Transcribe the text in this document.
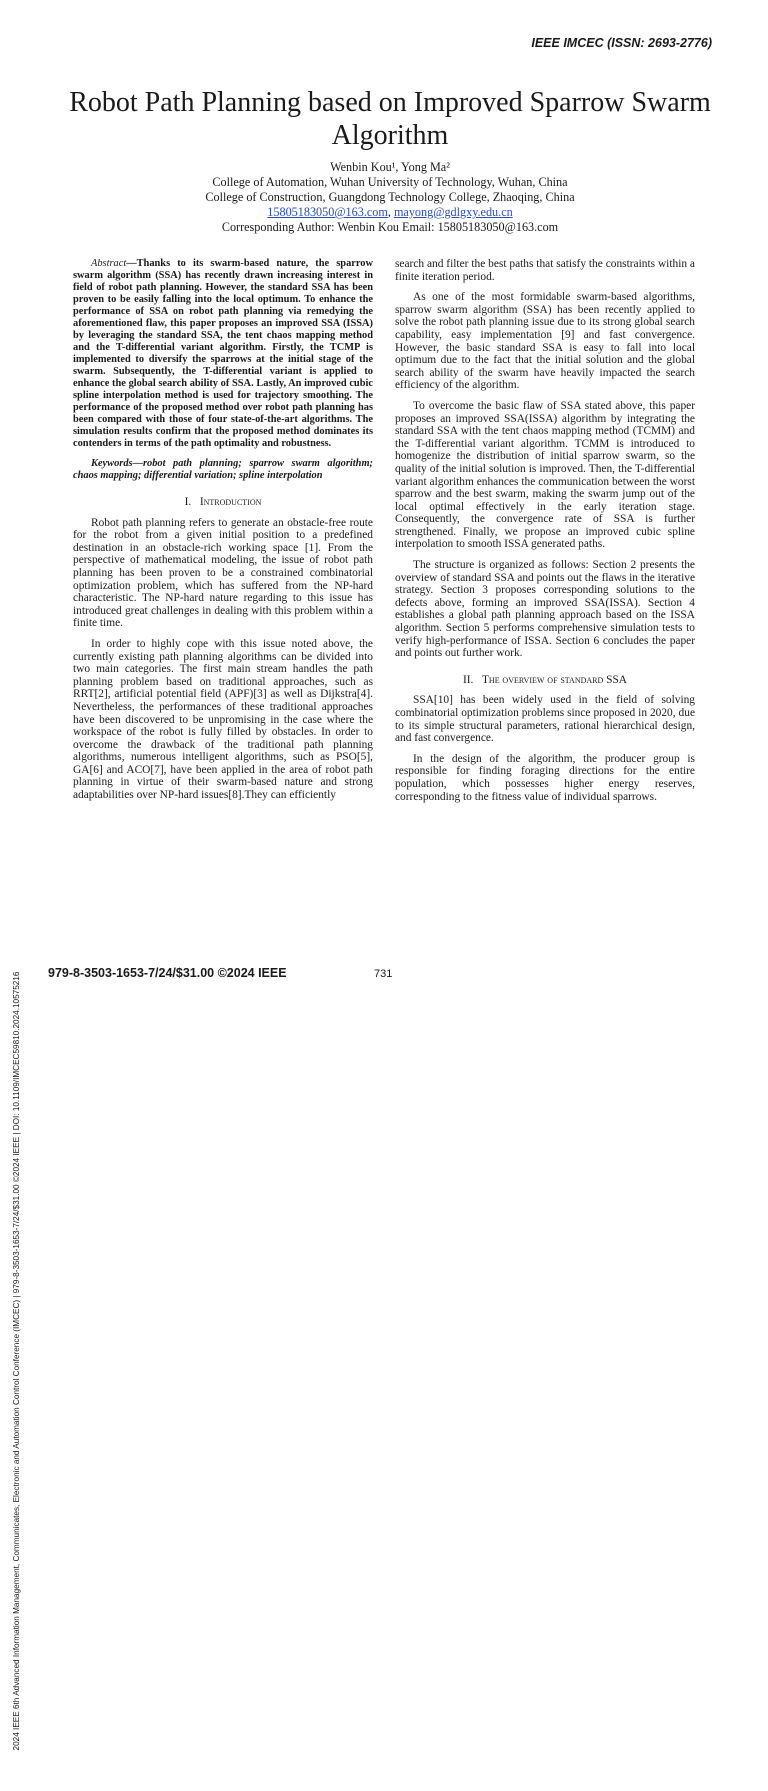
IEEE IMCEC (ISSN: 2693-2776)
2024 IEEE 6th Advanced Information Management, Communicates, Electronic and Automation Control Conference (IMCEC) | 979-8-3503-1653-7/24/$31.00 ©2024 IEEE | DOI: 10.1109/IMCEC59810.2024.10575216
Robot Path Planning based on Improved Sparrow Swarm Algorithm
Wenbin Kou¹, Yong Ma²
College of Automation, Wuhan University of Technology, Wuhan, China
College of Construction, Guangdong Technology College, Zhaoqing, China
15805183050@163.com, mayong@gdlgxy.edu.cn
Corresponding Author: Wenbin Kou Email: 15805183050@163.com

Abstract—Thanks to its swarm-based nature, the sparrow swarm algorithm (SSA) has recently drawn increasing interest in field of robot path planning. However, the standard SSA has been proven to be easily falling into the local optimum. To enhance the performance of SSA on robot path planning via remedying the aforementioned flaw, this paper proposes an improved SSA (ISSA) by leveraging the standard SSA, the tent chaos mapping method and the T-differential variant algorithm. Firstly, the TCMP is implemented to diversify the sparrows at the initial stage of the swarm. Subsequently, the T-differential variant is applied to enhance the global search ability of SSA. Lastly, An improved cubic spline interpolation method is used for trajectory smoothing. The performance of the proposed method over robot path planning has been compared with those of four state-of-the-art algorithms. The simulation results confirm that the proposed method dominates its contenders in terms of the path optimality and robustness.

Keywords—robot path planning; sparrow swarm algorithm; chaos mapping; differential variation; spline interpolation

I. Introduction

Robot path planning refers to generate an obstacle-free route for the robot from a given initial position to a predefined destination in an obstacle-rich working space [1]. From the perspective of mathematical modeling, the issue of robot path planning has been proven to be a constrained combinatorial optimization problem, which has suffered from the NP-hard characteristic. The NP-hard nature regarding to this issue has introduced great challenges in dealing with this problem within a finite time.

In order to highly cope with this issue noted above, the currently existing path planning algorithms can be divided into two main categories. The first main stream handles the path planning problem based on traditional approaches, such as RRT[2], artificial potential field (APF)[3] as well as Dijkstra[4]. Nevertheless, the performances of these traditional approaches have been discovered to be unpromising in the case where the workspace of the robot is fully filled by obstacles. In order to overcome the drawback of the traditional path planning algorithms, numerous intelligent algorithms, such as PSO[5], GA[6] and ACO[7], have been applied in the area of robot path planning in virtue of their swarm-based nature and strong adaptabilities over NP-hard issues[8].They can efficiently

search and filter the best paths that satisfy the constraints within a finite iteration period.

As one of the most formidable swarm-based algorithms, sparrow swarm algorithm (SSA) has been recently applied to solve the robot path planning issue due to its strong global search capability, easy implementation [9] and fast convergence. However, the basic standard SSA is easy to fall into local optimum due to the fact that the initial solution and the global search ability of the swarm have heavily impacted the search efficiency of the algorithm.

To overcome the basic flaw of SSA stated above, this paper proposes an improved SSA(ISSA) algorithm by integrating the standard SSA with the tent chaos mapping method (TCMM) and the T-differential variant algorithm. TCMM is introduced to homogenize the distribution of initial sparrow swarm, so the quality of the initial solution is improved. Then, the T-differential variant algorithm enhances the communication between the worst sparrow and the best swarm, making the swarm jump out of the local optimal effectively in the early iteration stage. Consequently, the convergence rate of SSA is further strengthened. Finally, we propose an improved cubic spline interpolation to smooth ISSA generated paths.

The structure is organized as follows: Section 2 presents the overview of standard SSA and points out the flaws in the iterative strategy. Section 3 proposes corresponding solutions to the defects above, forming an improved SSA(ISSA). Section 4 establishes a global path planning approach based on the ISSA algorithm. Section 5 performs comprehensive simulation tests to verify high-performance of ISSA. Section 6 concludes the paper and points out further work.

II. The overview of standard SSA

SSA[10] has been widely used in the field of solving combinatorial optimization problems since proposed in 2020, due to its simple structural parameters, rational hierarchical design, and fast convergence.

In the design of the algorithm, the producer group is responsible for finding foraging directions for the entire population, which possesses higher energy reserves, corresponding to the fitness value of individual sparrows.

979-8-3503-1653-7/24/$31.00 ©2024 IEEE	731
